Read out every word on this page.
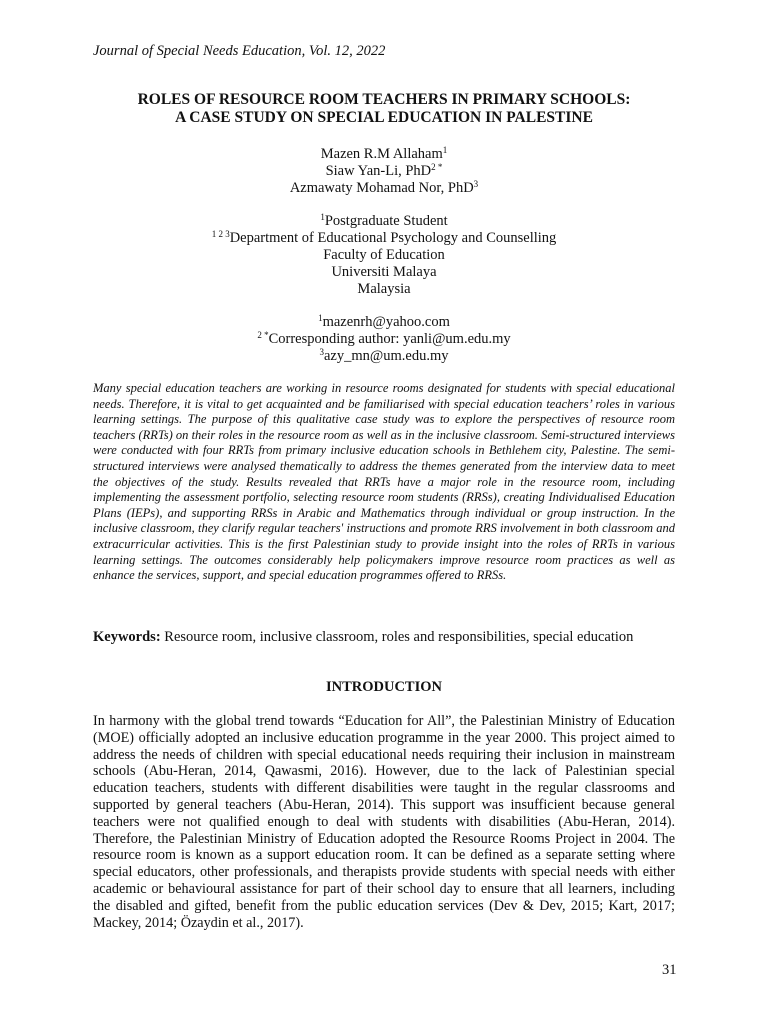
Journal of Special Needs Education, Vol. 12, 2022
ROLES OF RESOURCE ROOM TEACHERS IN PRIMARY SCHOOLS:
A CASE STUDY ON SPECIAL EDUCATION IN PALESTINE
Mazen R.M Allaham$^1$
Siaw Yan-Li, PhD$^{2 *}$
Azmawaty Mohamad Nor, PhD$^3$
$^1$Postgraduate Student
$^{1 2 3}$Department of Educational Psychology and Counselling
Faculty of Education
Universiti Malaya
Malaysia
$^1$mazenrh@yahoo.com
$^{2 *}$Corresponding author: yanli@um.edu.my
$^3$azy_mn@um.edu.my

Many special education teachers are working in resource rooms designated for students with special educational needs. Therefore, it is vital to get acquainted and be familiarised with special education teachers’ roles in various learning settings. The purpose of this qualitative case study was to explore the perspectives of resource room teachers (RRTs) on their roles in the resource room as well as in the inclusive classroom. Semi-structured interviews were conducted with four RRTs from primary inclusive education schools in Bethlehem city, Palestine. The semi-structured interviews were analysed thematically to address the themes generated from the interview data to meet the objectives of the study. Results revealed that RRTs have a major role in the resource room, including implementing the assessment portfolio, selecting resource room students (RRSs), creating Individualised Education Plans (IEPs), and supporting RRSs in Arabic and Mathematics through individual or group instruction. In the inclusive classroom, they clarify regular teachers' instructions and promote RRS involvement in both classroom and extracurricular activities. This is the first Palestinian study to provide insight into the roles of RRTs in various learning settings. The outcomes considerably help policymakers improve resource room practices as well as enhance the services, support, and special education programmes offered to RRSs.

Keywords: Resource room, inclusive classroom, roles and responsibilities, special education
INTRODUCTION

In harmony with the global trend towards “Education for All”, the Palestinian Ministry of Education (MOE) officially adopted an inclusive education programme in the year 2000. This project aimed to address the needs of children with special educational needs requiring their inclusion in mainstream schools (Abu-Heran, 2014, Qawasmi, 2016). However, due to the lack of Palestinian special education teachers, students with different disabilities were taught in the regular classrooms and supported by general teachers (Abu-Heran, 2014). This support was insufficient because general teachers were not qualified enough to deal with students with disabilities (Abu-Heran, 2014). Therefore, the Palestinian Ministry of Education adopted the Resource Rooms Project in 2004. The resource room is known as a support education room. It can be defined as a separate setting where special educators, other professionals, and therapists provide students with special needs with either academic or behavioural assistance for part of their school day to ensure that all learners, including the disabled and gifted, benefit from the public education services (Dev & Dev, 2015; Kart, 2017; Mackey, 2014; Özaydin et al., 2017).

31
